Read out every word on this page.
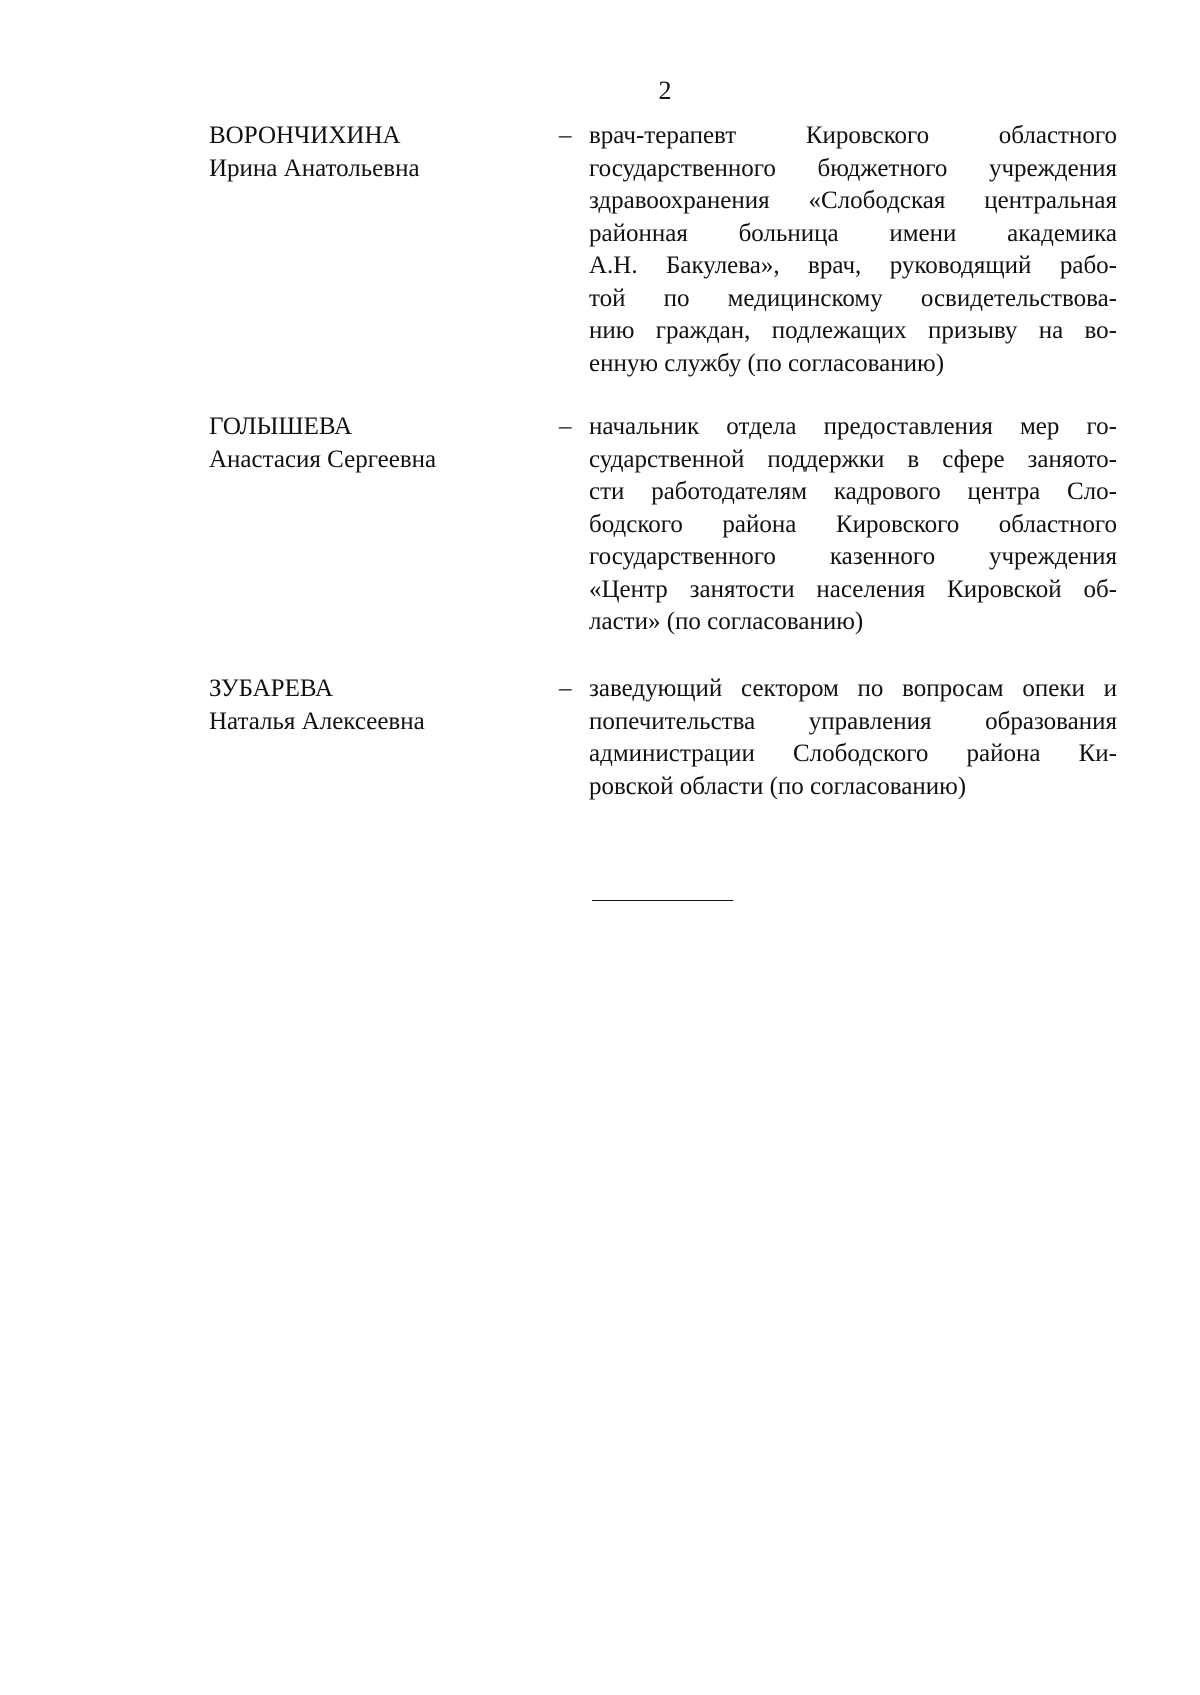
2
ВОРОНЧИХИНА
Ирина Анатольевна
– врач-терапевт Кировского областного
государственного бюджетного учреждения
здравоохранения «Слободская центральная
районная больница имени академика
А.Н. Бакулева», врач, руководящий рабо-
той по медицинскому освидетельствова-
нию граждан, подлежащих призыву на во-
енную службу (по согласованию)
ГОЛЫШЕВА
Анастасия Сергеевна
– начальник отдела предоставления мер го-
сударственной поддержки в сфере заняото-
сти работодателям кадрового центра Сло-
бодского района Кировского областного
государственного казенного учреждения
«Центр занятости населения Кировской об-
ласти» (по согласованию)
ЗУБАРЕВА
Наталья Алексеевна
– заведующий сектором по вопросам опеки и
попечительства управления образования
администрации Слободского района Ки-
ровской области (по согласованию)
